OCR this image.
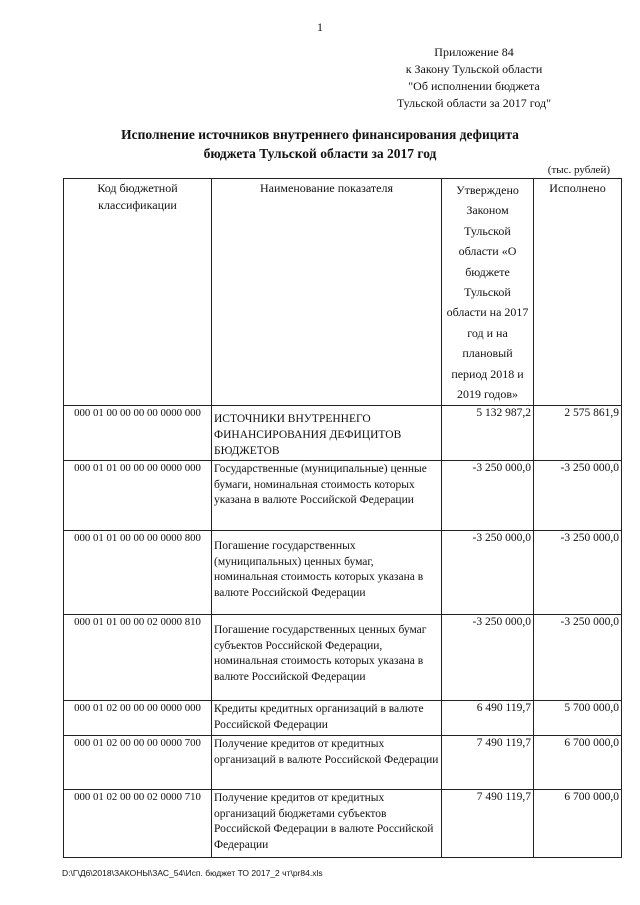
1
Приложение 84
к Закону Тульской области
"Об исполнении бюджета
Тульской области за 2017 год"
Исполнение источников внутреннего финансирования дефицита
бюджета Тульской области за 2017 год
(тыс. рублей)
Код бюджетной классификации	Наименование показателя	Утверждено Законом Тульской области «О бюджете Тульской области на 2017 год и на плановый период 2018 и 2019 годов»	Исполнено
000 01 00 00 00 00 0000 000	ИСТОЧНИКИ ВНУТРЕННЕГО ФИНАНСИРОВАНИЯ ДЕФИЦИТОВ БЮДЖЕТОВ	5 132 987,2	2 575 861,9
000 01 01 00 00 00 0000 000	Государственные (муниципальные) ценные бумаги, номинальная стоимость которых указана в валюте Российской Федерации	-3 250 000,0	-3 250 000,0
000 01 01 00 00 00 0000 800	Погашение государственных (муниципальных) ценных бумаг, номинальная стоимость которых указана в валюте Российской Федерации	-3 250 000,0	-3 250 000,0
000 01 01 00 00 02 0000 810	Погашение государственных ценных бумаг субъектов Российской Федерации, номинальная стоимость которых указана в валюте Российской Федерации	-3 250 000,0	-3 250 000,0
000 01 02 00 00 00 0000 000	Кредиты кредитных организаций в валюте Российской Федерации	6 490 119,7	5 700 000,0
000 01 02 00 00 00 0000 700	Получение кредитов от кредитных организаций в валюте Российской Федерации	7 490 119,7	6 700 000,0
000 01 02 00 00 02 0000 710	Получение кредитов от кредитных организаций бюджетами субъектов Российской Федерации в валюте Российской Федерации	7 490 119,7	6 700 000,0
D:\Г\Д6\2018\ЗАКОНЫ\ЗАС_54\Исп. бюджет ТО 2017_2 чт\pr84.xls
